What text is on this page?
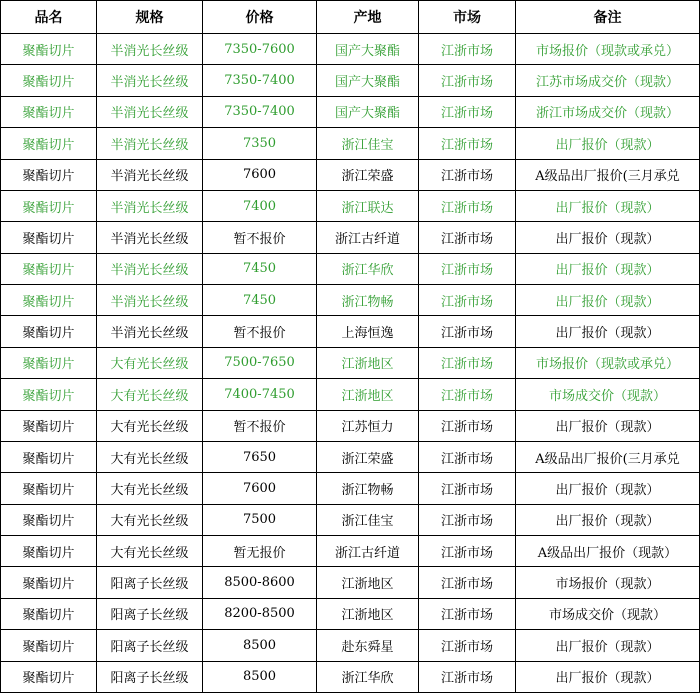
品名	规格	价格	产地	市场	备注
聚酯切片	半消光长丝级	7350-7600	国产大聚酯	江浙市场	市场报价（现款或承兑）
聚酯切片	半消光长丝级	7350-7400	国产大聚酯	江浙市场	江苏市场成交价（现款）
聚酯切片	半消光长丝级	7350-7400	国产大聚酯	江浙市场	浙江市场成交价（现款）
聚酯切片	半消光长丝级	7350	浙江佳宝	江浙市场	出厂报价（现款）
聚酯切片	半消光长丝级	7600	浙江荣盛	江浙市场	A级品出厂报价(三月承兑
聚酯切片	半消光长丝级	7400	浙江联达	江浙市场	出厂报价（现款）
聚酯切片	半消光长丝级	暂不报价	浙江古纤道	江浙市场	出厂报价（现款）
聚酯切片	半消光长丝级	7450	浙江华欣	江浙市场	出厂报价（现款）
聚酯切片	半消光长丝级	7450	浙江物畅	江浙市场	出厂报价（现款）
聚酯切片	半消光长丝级	暂不报价	上海恒逸	江浙市场	出厂报价（现款）
聚酯切片	大有光长丝级	7500-7650	江浙地区	江浙市场	市场报价（现款或承兑）
聚酯切片	大有光长丝级	7400-7450	江浙地区	江浙市场	市场成交价（现款）
聚酯切片	大有光长丝级	暂不报价	江苏恒力	江浙市场	出厂报价（现款）
聚酯切片	大有光长丝级	7650	浙江荣盛	江浙市场	A级品出厂报价(三月承兑
聚酯切片	大有光长丝级	7600	浙江物畅	江浙市场	出厂报价（现款）
聚酯切片	大有光长丝级	7500	浙江佳宝	江浙市场	出厂报价（现款）
聚酯切片	大有光长丝级	暂无报价	浙江古纤道	江浙市场	A级品出厂报价（现款）
聚酯切片	阳离子长丝级	8500-8600	江浙地区	江浙市场	市场报价（现款）
聚酯切片	阳离子长丝级	8200-8500	江浙地区	江浙市场	市场成交价（现款）
聚酯切片	阳离子长丝级	8500	赴东舜星	江浙市场	出厂报价（现款）
聚酯切片	阳离子长丝级	8500	浙江华欣	江浙市场	出厂报价（现款）
